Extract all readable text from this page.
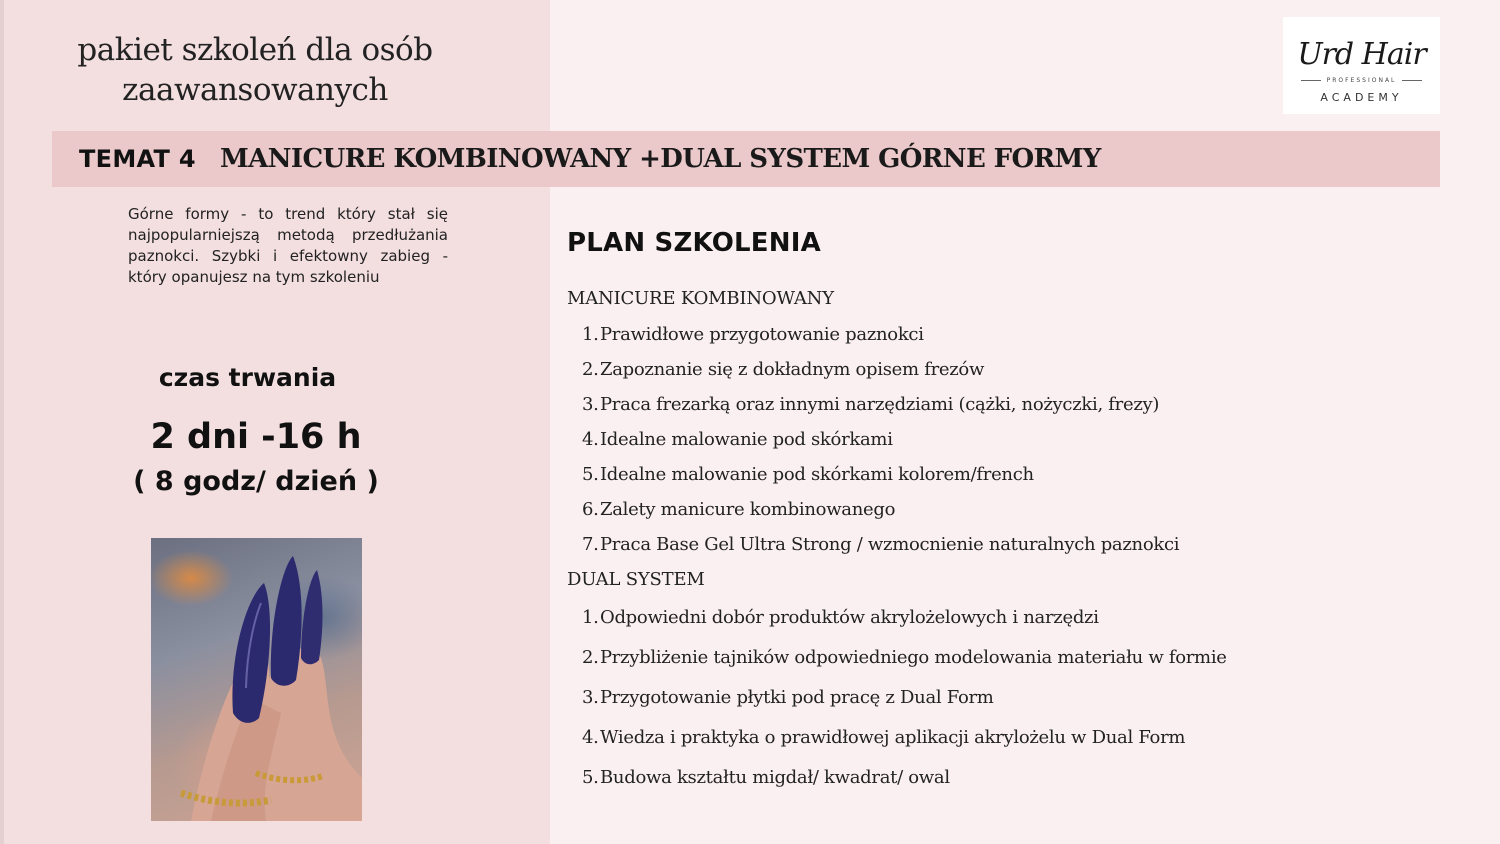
pakiet szkoleń dla osób
zaawansowanych
Urd Hair
PROFESSIONAL
ACADEMY
TEMAT 4 MANICURE KOMBINOWANY +DUAL SYSTEM GÓRNE FORMY
Górne formy - to trend który stał się najpopularniejszą metodą przedłużania paznokci. Szybki i efektowny zabieg - który opanujesz na tym szkoleniu
czas trwania
2 dni -16 h
( 8 godz/ dzień )
PLAN SZKOLENIA
MANICURE KOMBINOWANY
1.Prawidłowe przygotowanie paznokci
2.Zapoznanie się z dokładnym opisem frezów
3.Praca frezarką oraz innymi narzędziami (cążki, nożyczki, frezy)
4.Idealne malowanie pod skórkami
5.Idealne malowanie pod skórkami kolorem/french
6.Zalety manicure kombinowanego
7.Praca Base Gel Ultra Strong / wzmocnienie naturalnych paznokci
DUAL SYSTEM
1.Odpowiedni dobór produktów akrylożelowych i narzędzi
2.Przybliżenie tajników odpowiedniego modelowania materiału w formie
3.Przygotowanie płytki pod pracę z Dual Form
4.Wiedza i praktyka o prawidłowej aplikacji akrylożelu w Dual Form
5.Budowa kształtu migdał/ kwadrat/ owal
